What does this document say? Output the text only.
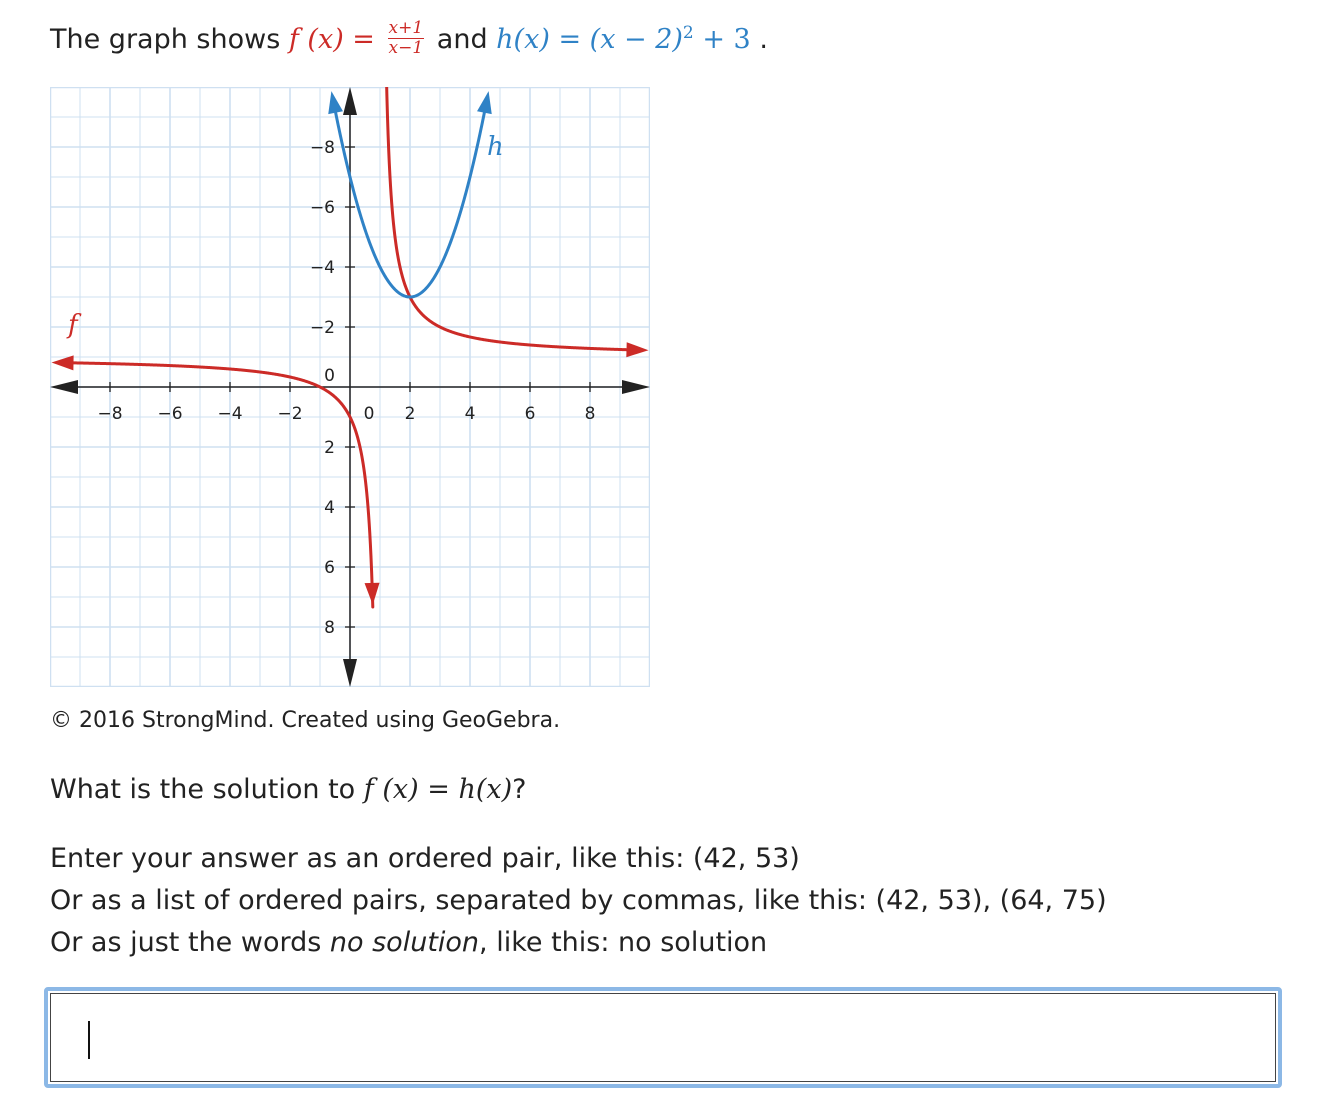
The graph shows f $(x) = \frac{x+1}{x-1}$ and $h(x) = (x - 2)^2 + 3$ .
−8 −6 −4 −2	0 2	4	6	8
8
6
4
2
0
−2
−4
−6
−8
f
h
© 2016 StrongMind. Created using GeoGebra.
What is the solution to f (x) = h(x)?
Enter your answer as an ordered pair, like this: (42, 53)
Or as a list of ordered pairs, separated by commas, like this: (42, 53), (64, 75)
Or as just the words no solution, like this: no solution
